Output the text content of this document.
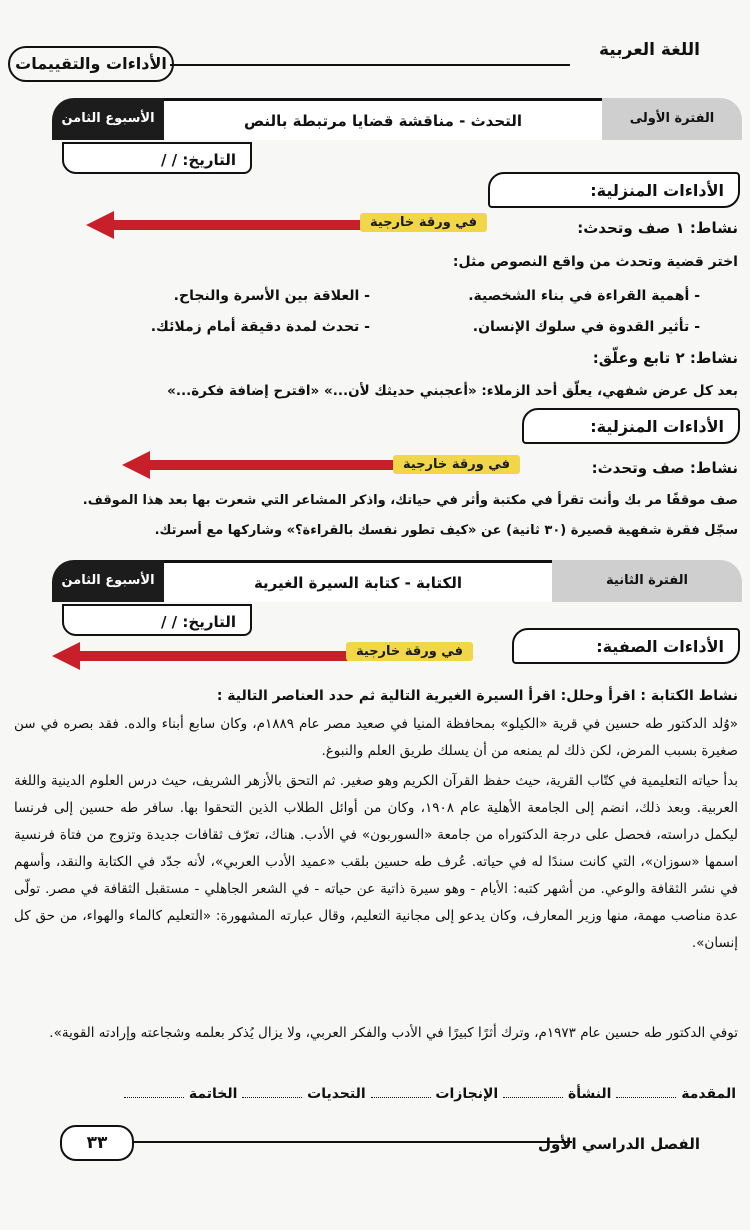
اللغة العربية
الأداءات والتقييمات
الأسبوع الثامن	التحدث - مناقشة قضايا مرتبطة بالنص	الفترة الأولى
التاريخ: / /
الأداءات المنزلية:
في ورقة خارجية	نشاط: ١ صف وتحدث:
اختر قضية وتحدث من واقع النصوص مثل:
- أهمية القراءة في بناء الشخصية.
- العلاقة بين الأسرة والنجاح.
- تأثير القدوة في سلوك الإنسان.
- تحدث لمدة دقيقة أمام زملائك.
نشاط: ٢ تابع وعلّق:
بعد كل عرض شفهي، يعلّق أحد الزملاء: «أعجبني حديثك لأن...» «اقترح إضافة فكرة...»
الأداءات المنزلية:
في ورقة خارجية	نشاط: صف وتحدث:
صف موقفًا مر بك وأنت تقرأ في مكتبة وأثر في حياتك، واذكر المشاعر التي شعرت بها بعد هذا الموقف.
سجّل فقرة شفهية قصيرة (٣٠ ثانية) عن «كيف تطور نفسك بالقراءة؟» وشاركها مع أسرتك.
الأسبوع الثامن	الكتابة - كتابة السيرة الغيرية	الفترة الثانية
التاريخ: / /
الأداءات الصفية:
في ورقة خارجية
نشاط الكتابة : اقرأ وحلل: اقرأ السيرة الغيرية التالية ثم حدد العناصر التالية :
«وُلد الدكتور طه حسين في قرية «الكيلو» بمحافظة المنيا في صعيد مصر عام ١٨٨٩م، وكان سابع أبناء والده. فقد بصره في سن صغيرة بسبب المرض، لكن ذلك لم يمنعه من أن يسلك طريق العلم والنبوغ.
بدأ حياته التعليمية في كتّاب القرية، حيث حفظ القرآن الكريم وهو صغير. ثم التحق بالأزهر الشريف، حيث درس العلوم الدينية واللغة العربية. وبعد ذلك، انضم إلى الجامعة الأهلية عام ١٩٠٨، وكان من أوائل الطلاب الذين التحقوا بها. سافر طه حسين إلى فرنسا ليكمل دراسته، فحصل على درجة الدكتوراه من جامعة «السوربون» في الأدب. هناك، تعرّف ثقافات جديدة وتزوج من فتاة فرنسية اسمها «سوزان»، التي كانت سندًا له في حياته. عُرف طه حسين بلقب «عميد الأدب العربي»، لأنه جدّد في الكتابة والنقد، وأسهم في نشر الثقافة والوعي. من أشهر كتبه: الأيام - وهو سيرة ذاتية عن حياته - في الشعر الجاهلي - مستقبل الثقافة في مصر. تولّى عدة مناصب مهمة، منها وزير المعارف، وكان يدعو إلى مجانية التعليم، وقال عبارته المشهورة: «التعليم كالماء والهواء، من حق كل إنسان».
توفي الدكتور طه حسين عام ١٩٧٣م، وترك أثرًا كبيرًا في الأدب والفكر العربي، ولا يزال يُذكر بعلمه وشجاعته وإرادته القوية».
المقدمة  النشأة  الإنجازات  التحديات  الخاتمة
٣٣	الفصل الدراسي الأول
